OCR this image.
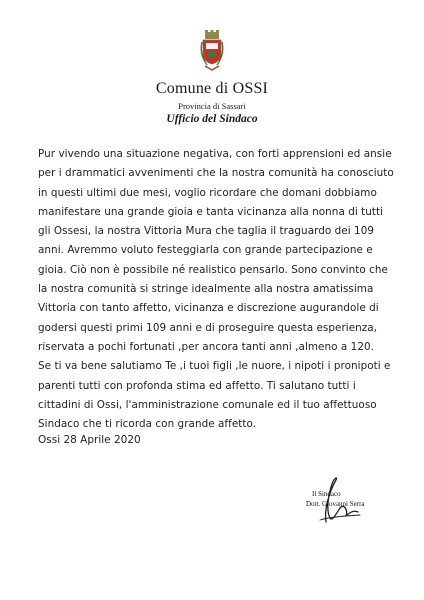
Comune di OSSI
Provincia di Sassari
Ufficio del Sindaco

Pur vivendo una situazione negativa, con forti apprensioni ed ansie per i drammatici avvenimenti che la nostra comunità ha conosciuto in questi ultimi due mesi, voglio ricordare che domani dobbiamo manifestare una grande gioia e tanta vicinanza alla nonna di tutti gli Ossesi, la nostra Vittoria Mura che taglia il traguardo dei 109 anni. Avremmo voluto festeggiarla con grande partecipazione e gioia. Ciò non è possibile né realistico pensarlo. Sono convinto che la nostra comunità si stringe idealmente alla nostra amatissima Vittoria con tanto affetto, vicinanza e discrezione augurandole di godersi questi primi 109 anni e di proseguire questa esperienza, riservata a pochi fortunati ,per ancora tanti anni ,almeno a 120.

Se ti va bene salutiamo Te ,i tuoi figli ,le nuore, i nipoti i pronipoti e parenti tutti con profonda stima ed affetto. Ti salutano tutti i cittadini di Ossi, l'amministrazione comunale ed il tuo affettuoso Sindaco che ti ricorda con grande affetto.

Ossi 28 Aprile 2020
Il Sindaco
Dott. Giovanni Serra
